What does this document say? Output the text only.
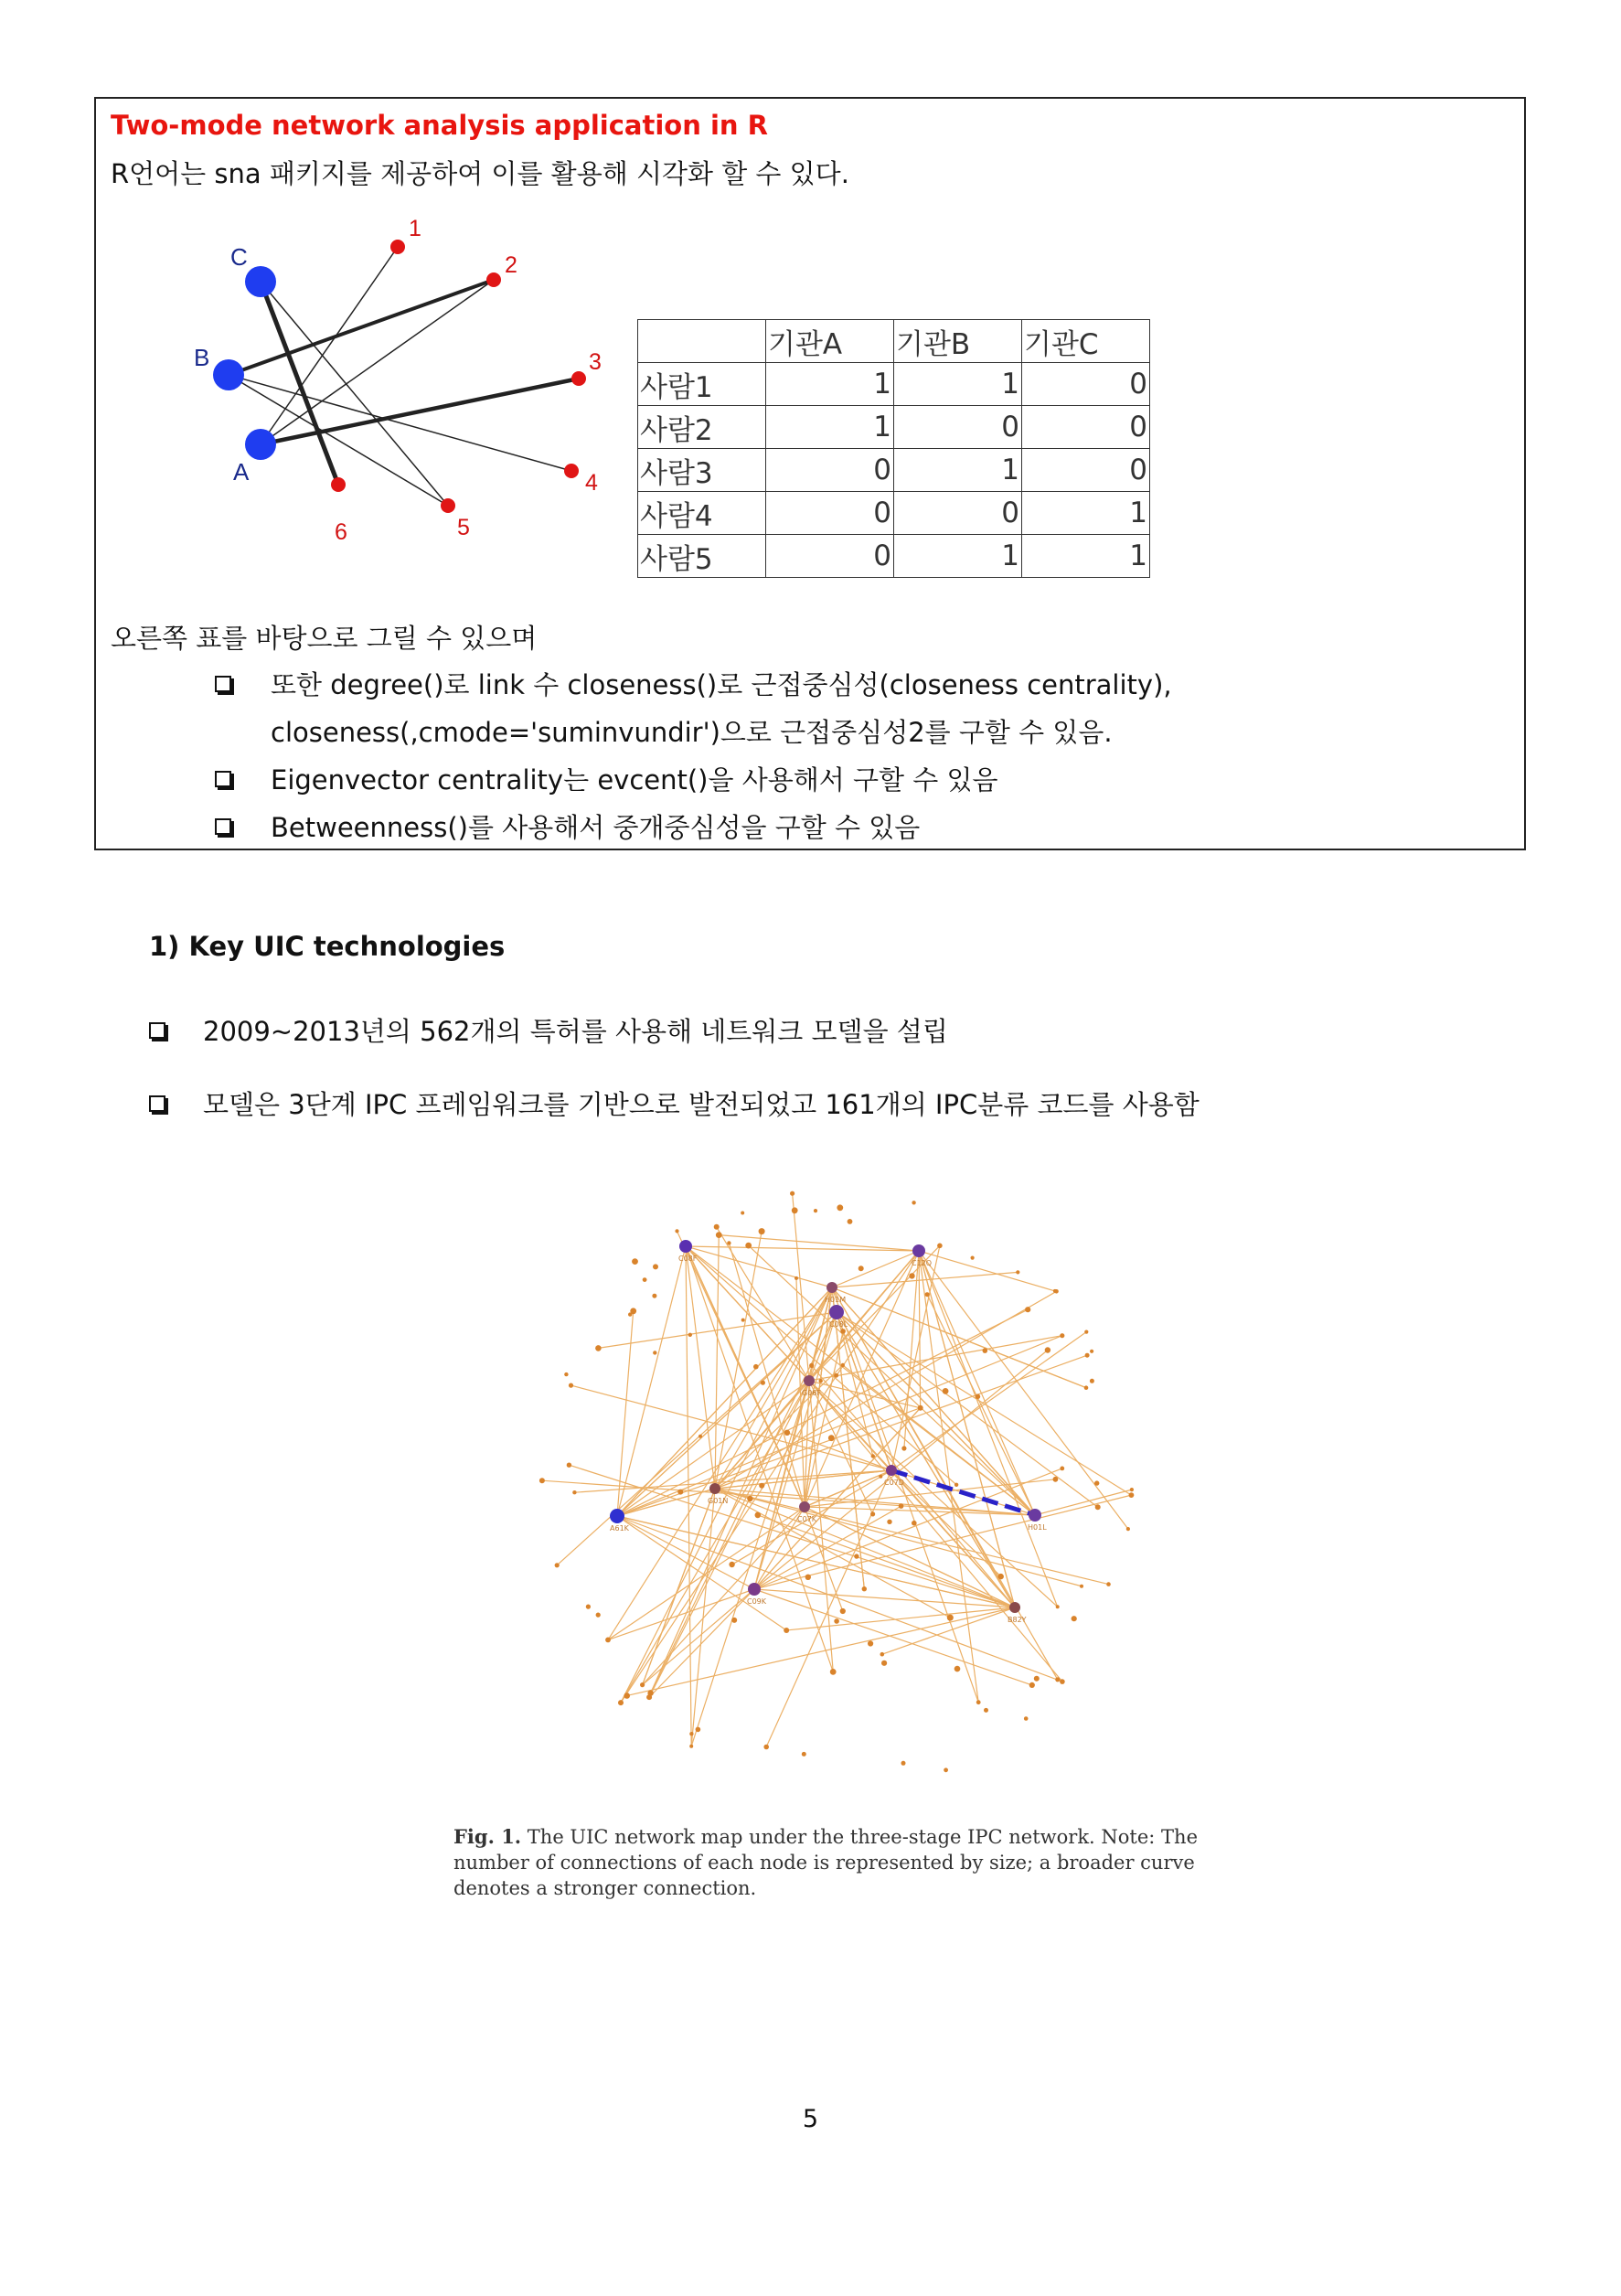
Two-mode network analysis application in R
R언어는 sna 패키지를 제공하여 이를 활용해 시각화 할 수 있다.
C
B
A
1
2
3
4
5
6
	기관A	기관B	기관C
사람1	1	1	0
사람2	1	0	0
사람3	0	1	0
사람4	0	0	1
사람5	0	1	1
오른쪽 표를 바탕으로 그릴 수 있으며
또한 degree()로 link 수 closeness()로 근접중심성(closeness centrality), closeness(,cmode='suminvundir')으로 근접중심성2를 구할 수 있음.
Eigenvector centrality는 evcent()을 사용해서 구할 수 있음
Betweenness()를 사용해서 중개중심성을 구할 수 있음
1) Key UIC technologies
2009~2013년의 562개의 특허를 사용해 네트워크 모델을 설립
모델은 3단계 IPC 프레임워크를 기반으로 발전되었고 161개의 IPC분류 코드를 사용함
C08F
C12Q
A61K	H01L
C09K
C07D
C08L
G06F
C07K
B82Y
H01M
G01N
Fig. 1. The UIC network map under the three-stage IPC network. Note: The number of connections of each node is represented by size; a broader curve denotes a stronger connection.
5
